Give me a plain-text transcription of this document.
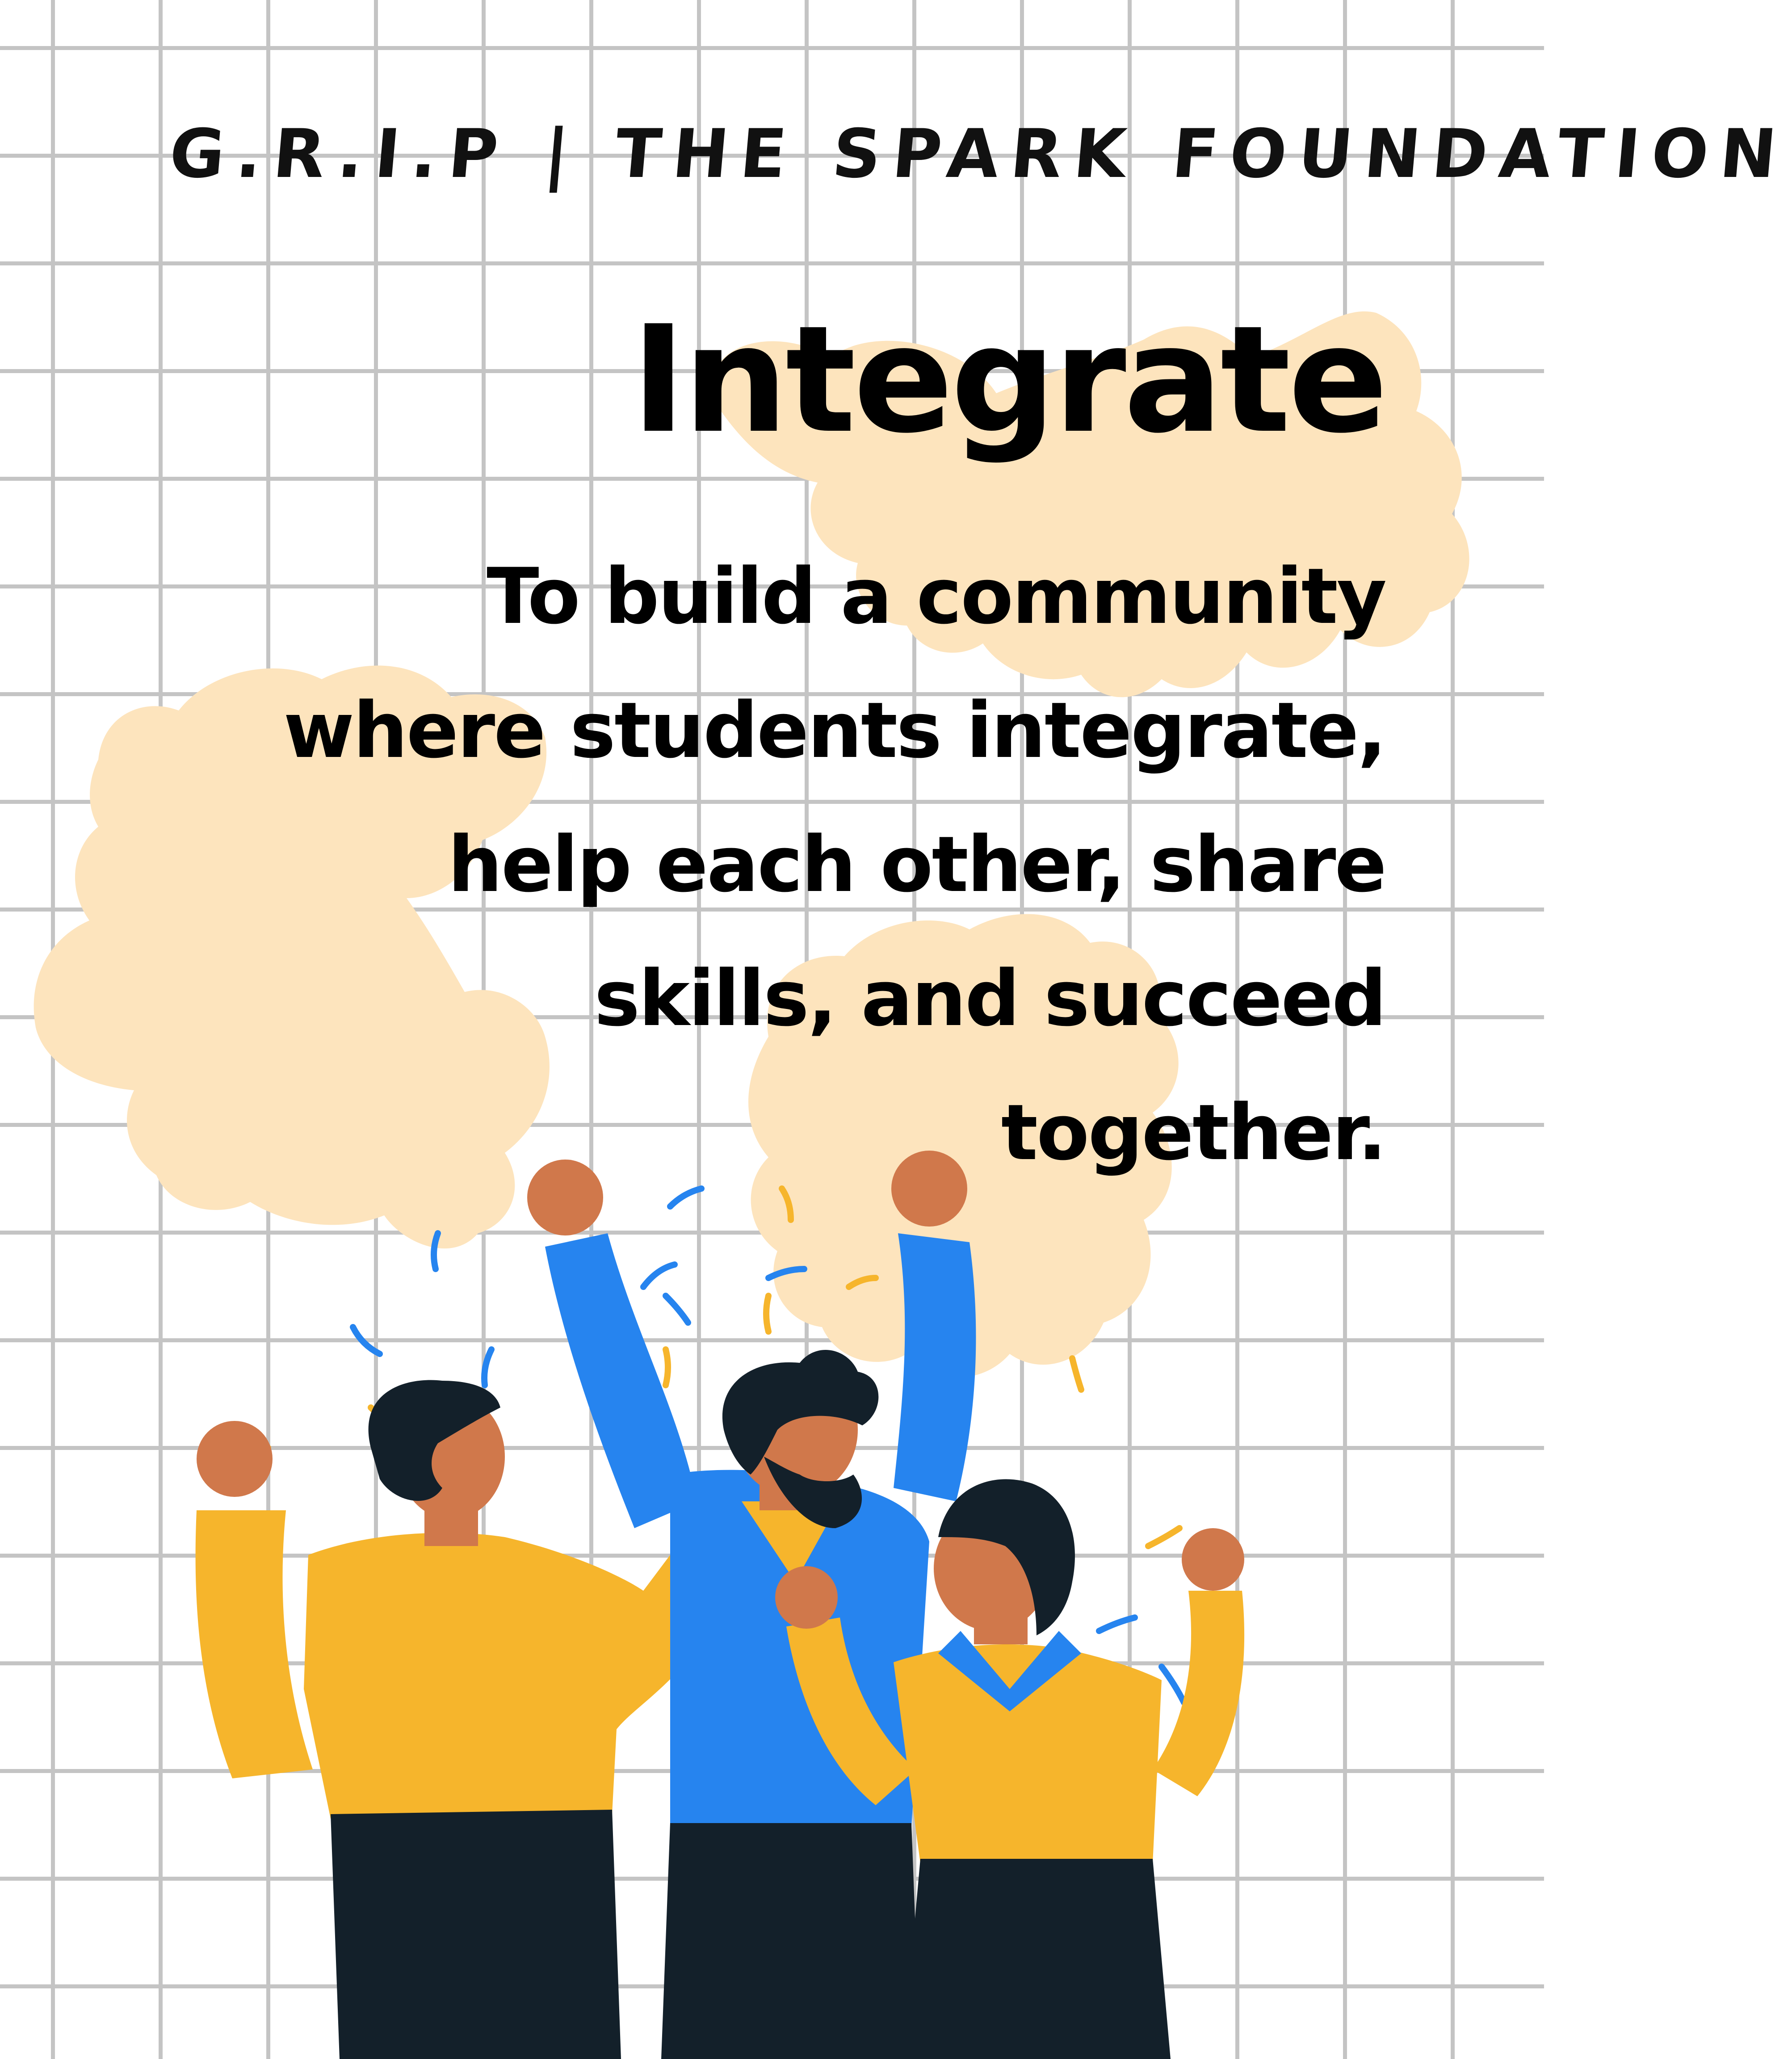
G.R.I.P | THE SPARK FOUNDATION
Integrate
To build a community
where students integrate,
help each other, share
skills, and succeed
together.
